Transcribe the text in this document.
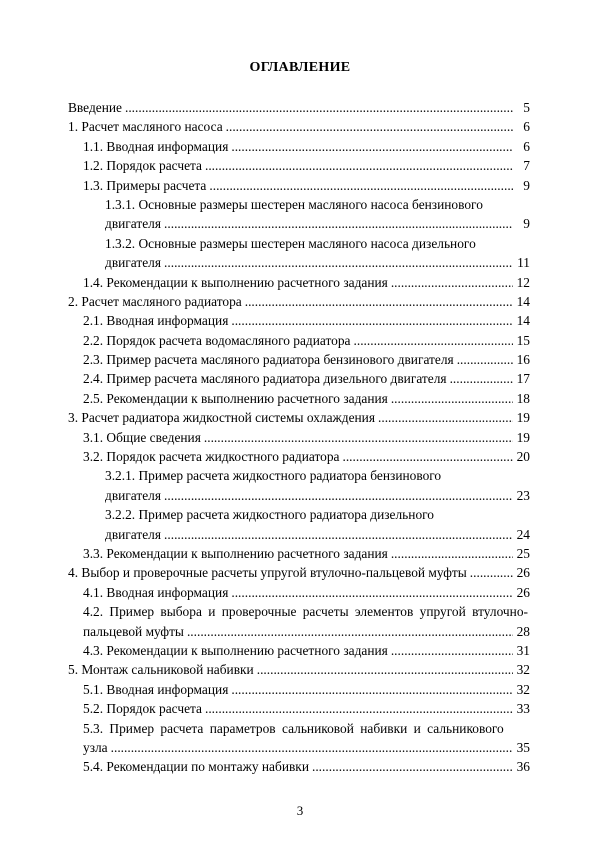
ОГЛАВЛЕНИЕ
Введение .....	5
1. Расчет масляного насоса .....	6
1.1. Вводная информация .....	6
1.2. Порядок расчета .....	7
1.3. Примеры расчета .....	9
1.3.1. Основные размеры шестерен масляного насоса бензинового
двигателя .....	9
1.3.2. Основные размеры шестерен масляного насоса дизельного
двигателя .....	11
1.4. Рекомендации к выполнению расчетного задания .....	12
2. Расчет масляного радиатора .....	14
2.1. Вводная информация .....	14
2.2. Порядок расчета водомасляного радиатора .....	15
2.3. Пример расчета масляного радиатора бензинового двигателя .....	16
2.4. Пример расчета масляного радиатора дизельного двигателя .....	17
2.5. Рекомендации к выполнению расчетного задания .....	18
3. Расчет радиатора жидкостной системы охлаждения .....	19
3.1. Общие сведения .....	19
3.2. Порядок расчета жидкостного радиатора .....	20
3.2.1. Пример расчета жидкостного радиатора бензинового
двигателя .....	23
3.2.2. Пример расчета жидкостного радиатора дизельного
двигателя .....	24
3.3. Рекомендации к выполнению расчетного задания .....	25
4. Выбор и проверочные расчеты упругой втулочно-пальцевой муфты .....	26
4.1. Вводная информация .....	26
4.2. Пример выбора и проверочные расчеты элементов упругой втулочно-
пальцевой муфты .....	28
4.3. Рекомендации к выполнению расчетного задания .....	31
5. Монтаж сальниковой набивки .....	32
5.1. Вводная информация .....	32
5.2. Порядок расчета .....	33
5.3. Пример расчета параметров сальниковой набивки и сальникового
узла .....	35
5.4. Рекомендации по монтажу набивки .....	36
3
